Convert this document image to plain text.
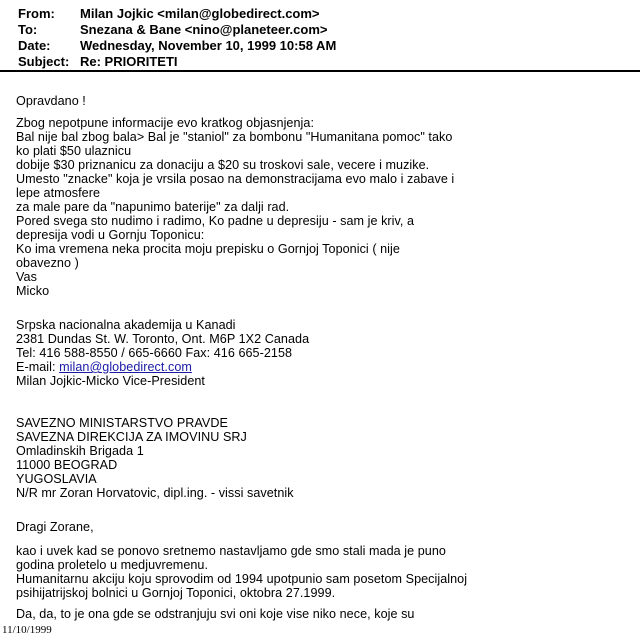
From: Milan Jojkic <milan@globedirect.com>
To:	Snezana & Bane <nino@planeteer.com>
Date: Wednesday, November 10, 1999 10:58 AM
Subject: Re: PRIORITETI
Opravdano !
Zbog nepotpune informacije evo kratkog objasnjenja:
Bal nije bal zbog bala> Bal je "staniol" za bombonu "Humanitana pomoc" tako
ko plati $50 ulaznicu
dobije $30 priznanicu za donaciju a $20 su troskovi sale, vecere i muzike.
Umesto "znacke" koja je vrsila posao na demonstracijama evo malo i zabave i
lepe atmosfere
za male pare da "napunimo baterije" za dalji rad.
Pored svega sto nudimo i radimo, Ko padne u depresiju - sam je kriv, a
depresija vodi u Gornju Toponicu:
Ko ima vremena neka procita moju prepisku o Gornjoj Toponici ( nije
obavezno )
Vas
Micko
Srpska nacionalna akademija u Kanadi
2381 Dundas St. W. Toronto, Ont. M6P 1X2 Canada
Tel: 416 588-8550 / 665-6660 Fax: 416 665-2158
E-mail: milan@globedirect.com
Milan Jojkic-Micko Vice-President
SAVEZNO MINISTARSTVO PRAVDE
SAVEZNA DIREKCIJA ZA IMOVINU SRJ
Omladinskih Brigada 1
11000 BEOGRAD
YUGOSLAVIA
N/R mr Zoran Horvatovic, dipl.ing. - vissi savetnik
Dragi Zorane,
kao i uvek kad se ponovo sretnemo nastavljamo gde smo stali mada je puno
godina proletelo u medjuvremenu.
Humanitarnu akciju koju sprovodim od 1994 upotpunio sam posetom Specijalnoj
psihijatrijskoj bolnici u Gornjoj Toponici, oktobra 27.1999.
Da, da, to je ona gde se odstranjuju svi oni koje vise niko nece, koje su
11/10/1999
